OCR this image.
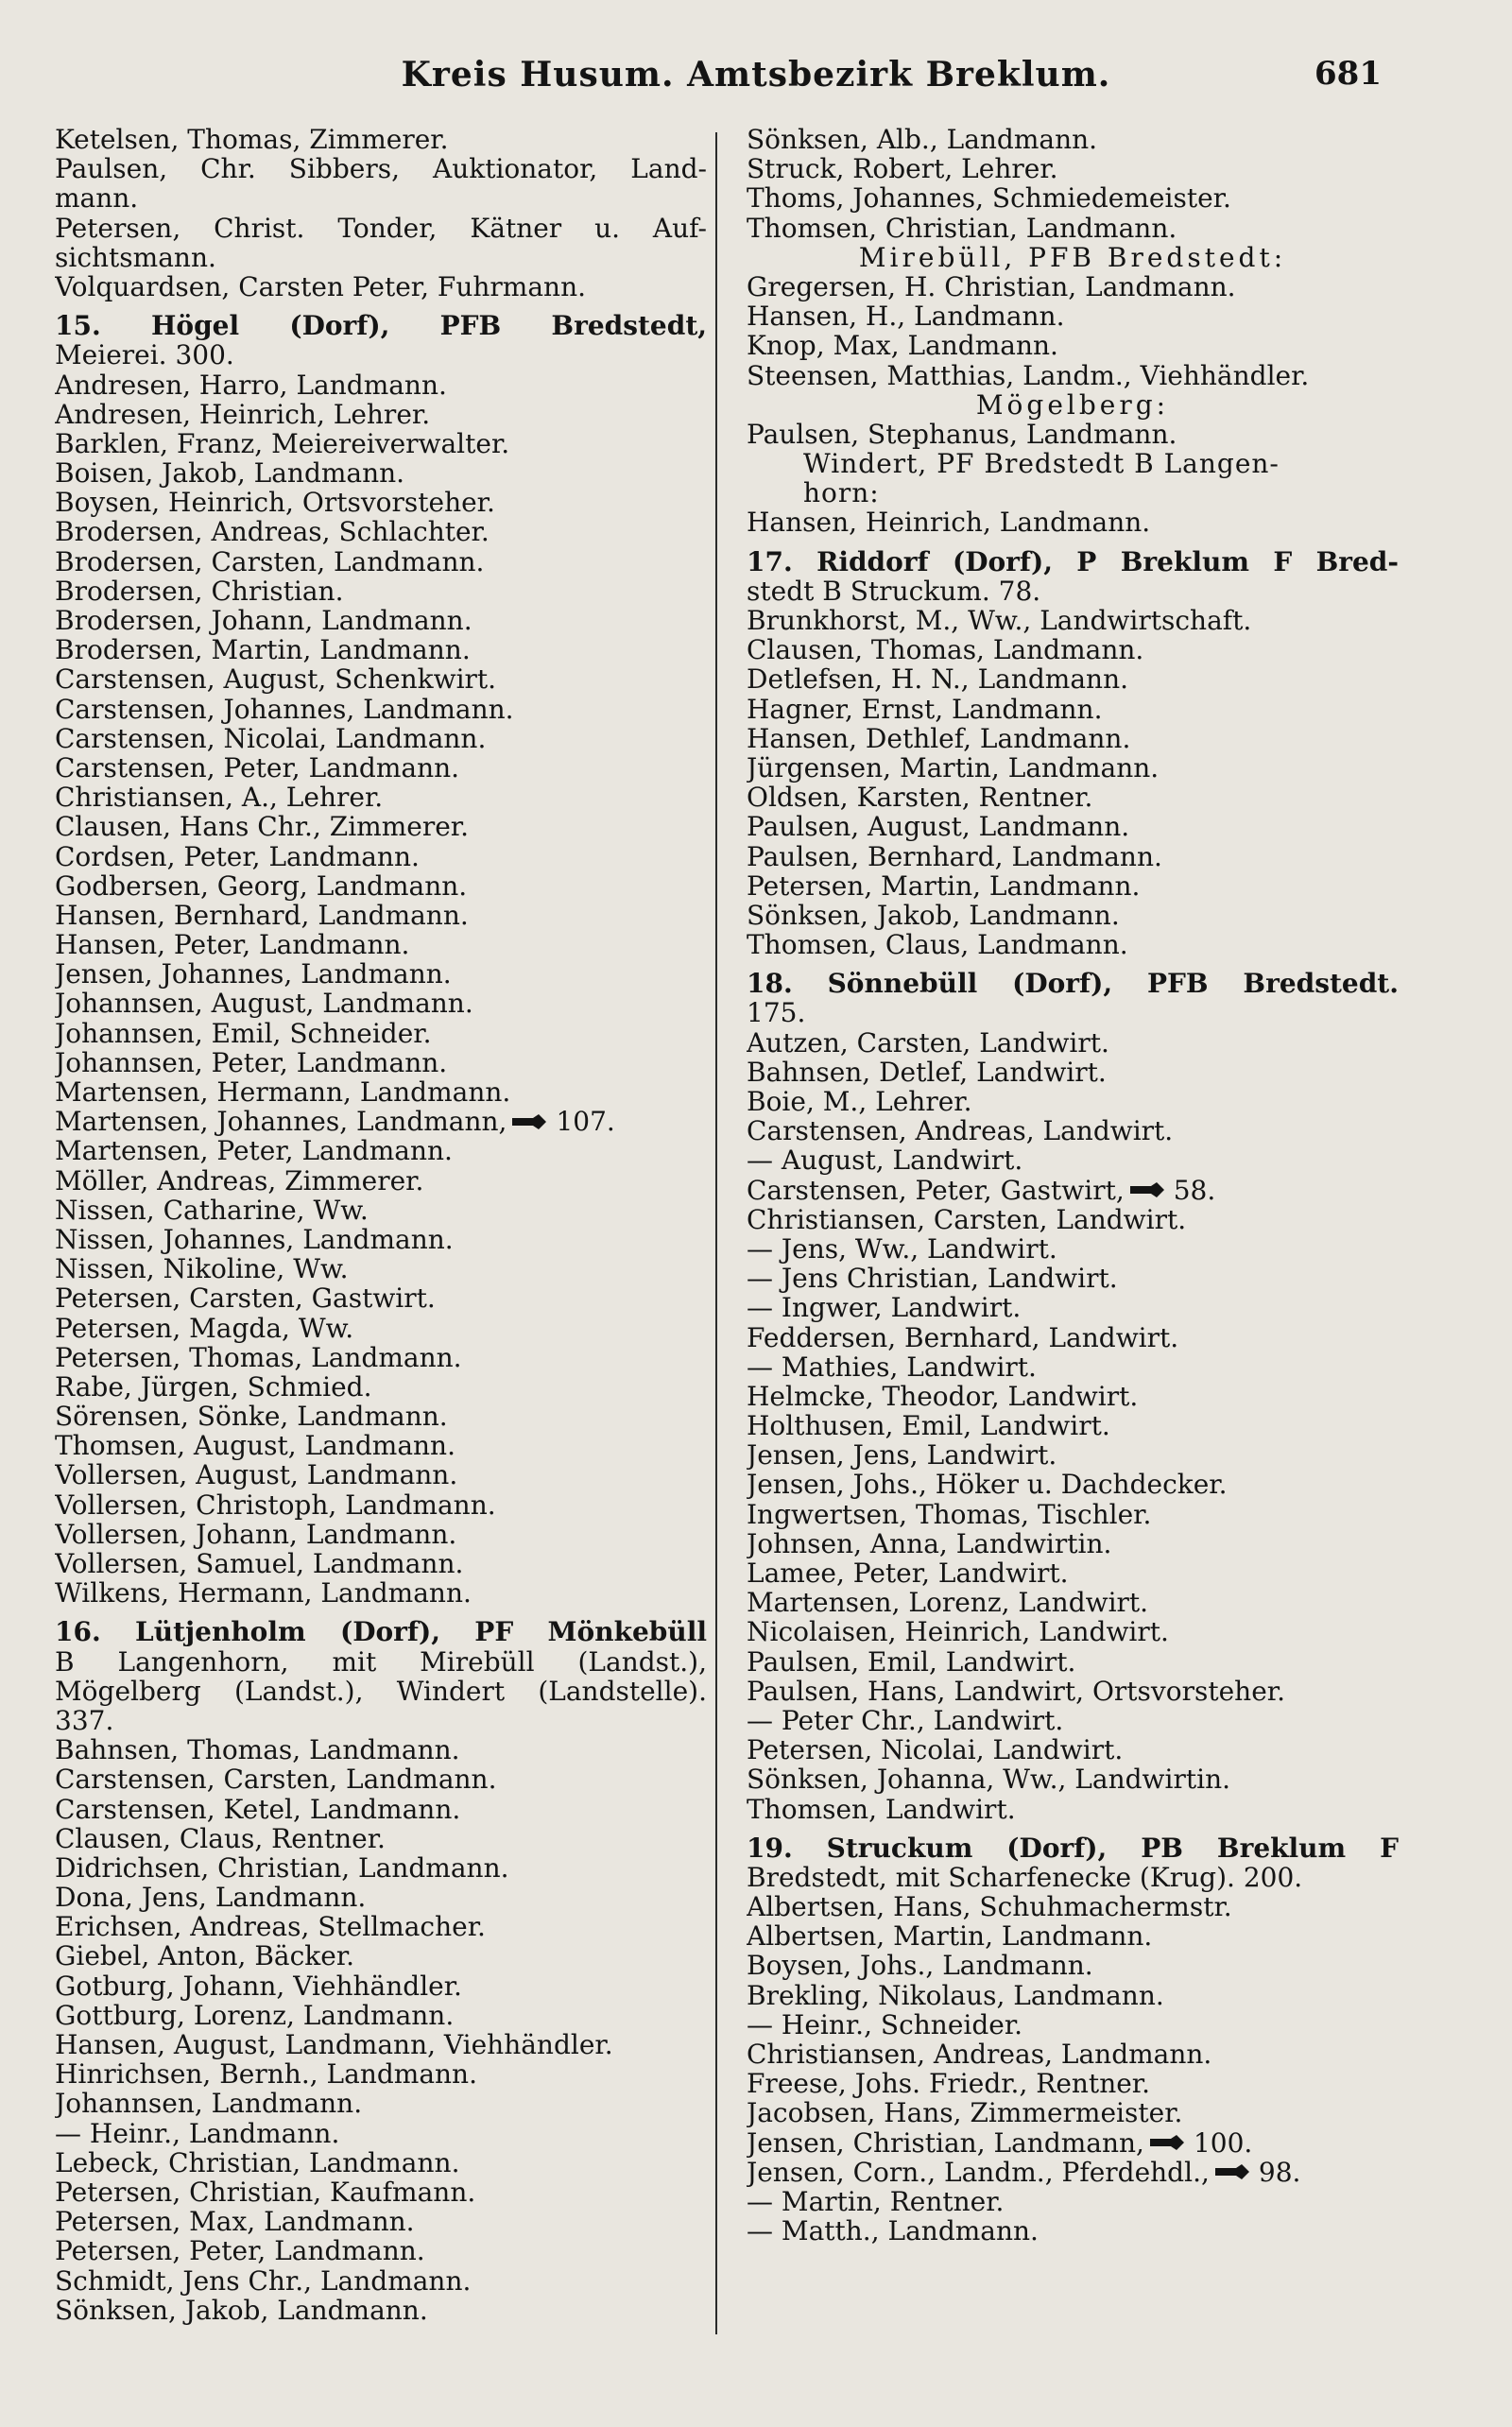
Kreis Husum. Amtsbezirk Breklum.	681
Ketelsen, Thomas, Zimmerer.
Paulsen, Chr. Sibbers, Auktionator, Land-
mann.
Petersen, Christ. Tonder, Kätner u. Auf-
sichtsmann.
Volquardsen, Carsten Peter, Fuhrmann.
15. Högel (Dorf), PFB Bredstedt,
Meierei. 300.
Andresen, Harro, Landmann.
Andresen, Heinrich, Lehrer.
Barklen, Franz, Meiereiverwalter.
Boisen, Jakob, Landmann.
Boysen, Heinrich, Ortsvorsteher.
Brodersen, Andreas, Schlachter.
Brodersen, Carsten, Landmann.
Brodersen, Christian.
Brodersen, Johann, Landmann.
Brodersen, Martin, Landmann.
Carstensen, August, Schenkwirt.
Carstensen, Johannes, Landmann.
Carstensen, Nicolai, Landmann.
Carstensen, Peter, Landmann.
Christiansen, A., Lehrer.
Clausen, Hans Chr., Zimmerer.
Cordsen, Peter, Landmann.
Godbersen, Georg, Landmann.
Hansen, Bernhard, Landmann.
Hansen, Peter, Landmann.
Jensen, Johannes, Landmann.
Johannsen, August, Landmann.
Johannsen, Emil, Schneider.
Johannsen, Peter, Landmann.
Martensen, Hermann, Landmann.
Martensen, Johannes, Landmann, 107.
Martensen, Peter, Landmann.
Möller, Andreas, Zimmerer.
Nissen, Catharine, Ww.
Nissen, Johannes, Landmann.
Nissen, Nikoline, Ww.
Petersen, Carsten, Gastwirt.
Petersen, Magda, Ww.
Petersen, Thomas, Landmann.
Rabe, Jürgen, Schmied.
Sörensen, Sönke, Landmann.
Thomsen, August, Landmann.
Vollersen, August, Landmann.
Vollersen, Christoph, Landmann.
Vollersen, Johann, Landmann.
Vollersen, Samuel, Landmann.
Wilkens, Hermann, Landmann.
16. Lütjenholm (Dorf), PF Mönkebüll
B Langenhorn, mit Mirebüll (Landst.),
Mögelberg (Landst.), Windert (Landstelle).
337.
Bahnsen, Thomas, Landmann.
Carstensen, Carsten, Landmann.
Carstensen, Ketel, Landmann.
Clausen, Claus, Rentner.
Didrichsen, Christian, Landmann.
Dona, Jens, Landmann.
Erichsen, Andreas, Stellmacher.
Giebel, Anton, Bäcker.
Gotburg, Johann, Viehhändler.
Gottburg, Lorenz, Landmann.
Hansen, August, Landmann, Viehhändler.
Hinrichsen, Bernh., Landmann.
Johannsen, Landmann.
— Heinr., Landmann.
Lebeck, Christian, Landmann.
Petersen, Christian, Kaufmann.
Petersen, Max, Landmann.
Petersen, Peter, Landmann.
Schmidt, Jens Chr., Landmann.
Sönksen, Jakob, Landmann.
Sönksen, Alb., Landmann.
Struck, Robert, Lehrer.
Thoms, Johannes, Schmiedemeister.
Thomsen, Christian, Landmann.
Mirebüll, PFB Bredstedt:
Gregersen, H. Christian, Landmann.
Hansen, H., Landmann.
Knop, Max, Landmann.
Steensen, Matthias, Landm., Viehhändler.
Mögelberg:
Paulsen, Stephanus, Landmann.
Windert, PF Bredstedt B Langen-
horn:
Hansen, Heinrich, Landmann.
17. Riddorf (Dorf), P Breklum F Bred-
stedt B Struckum. 78.
Brunkhorst, M., Ww., Landwirtschaft.
Clausen, Thomas, Landmann.
Detlefsen, H. N., Landmann.
Hagner, Ernst, Landmann.
Hansen, Dethlef, Landmann.
Jürgensen, Martin, Landmann.
Oldsen, Karsten, Rentner.
Paulsen, August, Landmann.
Paulsen, Bernhard, Landmann.
Petersen, Martin, Landmann.
Sönksen, Jakob, Landmann.
Thomsen, Claus, Landmann.
18. Sönnebüll (Dorf), PFB Bredstedt.
175.
Autzen, Carsten, Landwirt.
Bahnsen, Detlef, Landwirt.
Boie, M., Lehrer.
Carstensen, Andreas, Landwirt.
— August, Landwirt.
Carstensen, Peter, Gastwirt, 58.
Christiansen, Carsten, Landwirt.
— Jens, Ww., Landwirt.
— Jens Christian, Landwirt.
— Ingwer, Landwirt.
Feddersen, Bernhard, Landwirt.
— Mathies, Landwirt.
Helmcke, Theodor, Landwirt.
Holthusen, Emil, Landwirt.
Jensen, Jens, Landwirt.
Jensen, Johs., Höker u. Dachdecker.
Ingwertsen, Thomas, Tischler.
Johnsen, Anna, Landwirtin.
Lamee, Peter, Landwirt.
Martensen, Lorenz, Landwirt.
Nicolaisen, Heinrich, Landwirt.
Paulsen, Emil, Landwirt.
Paulsen, Hans, Landwirt, Ortsvorsteher.
— Peter Chr., Landwirt.
Petersen, Nicolai, Landwirt.
Sönksen, Johanna, Ww., Landwirtin.
Thomsen, Landwirt.
19. Struckum (Dorf), PB Breklum F
Bredstedt, mit Scharfenecke (Krug). 200.
Albertsen, Hans, Schuhmachermstr.
Albertsen, Martin, Landmann.
Boysen, Johs., Landmann.
Brekling, Nikolaus, Landmann.
— Heinr., Schneider.
Christiansen, Andreas, Landmann.
Freese, Johs. Friedr., Rentner.
Jacobsen, Hans, Zimmermeister.
Jensen, Christian, Landmann, 100.
Jensen, Corn., Landm., Pferdehdl., 98.
— Martin, Rentner.
— Matth., Landmann.
